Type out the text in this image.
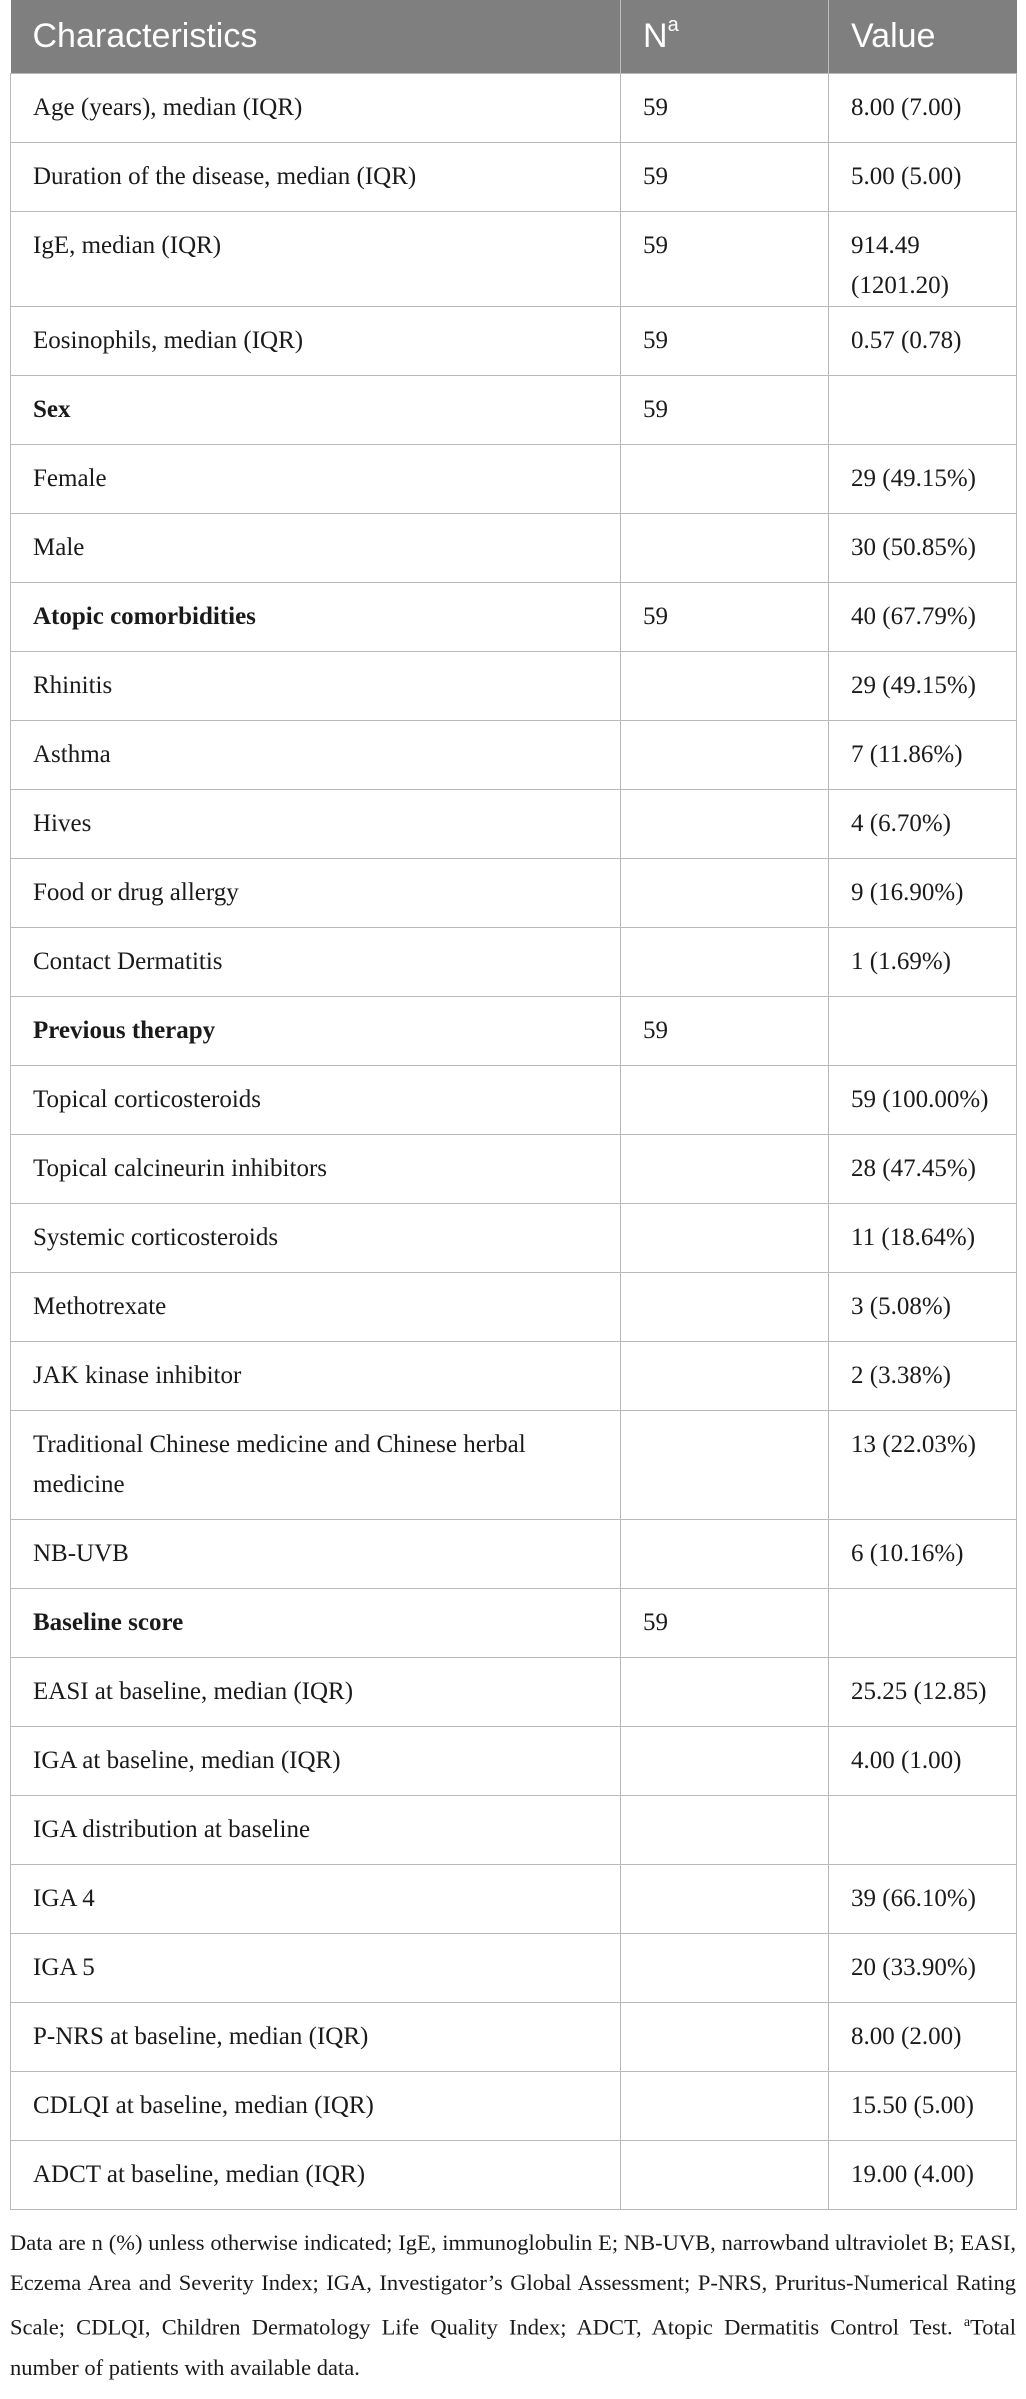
Characteristics	$N^a$	Value

Age (years), median (IQR)	59	8.00 (7.00)

Duration of the disease, median (IQR)	59	5.00 (5.00)

IgE, median (IQR)	59	914.49 (1201.20)

Eosinophils, median (IQR)	59	0.57 (0.78)

Sex	59	

Female		29 (49.15%)

Male		30 (50.85%)

Atopic comorbidities	59	40 (67.79%)

Rhinitis		29 (49.15%)

Asthma		7 (11.86%)

Hives		4 (6.70%)

Food or drug allergy		9 (16.90%)

Contact Dermatitis		1 (1.69%)

Previous therapy	59	

Topical corticosteroids		59 (100.00%)

Topical calcineurin inhibitors		28 (47.45%)

Systemic corticosteroids		11 (18.64%)

Methotrexate		3 (5.08%)

JAK kinase inhibitor		2 (3.38%)

Traditional Chinese medicine and Chinese herbal medicine		13 (22.03%)

NB-UVB		6 (10.16%)

Baseline score	59	

EASI at baseline, median (IQR)		25.25 (12.85)

IGA at baseline, median (IQR)		4.00 (1.00)

IGA distribution at baseline		

IGA 4		39 (66.10%)

IGA 5		20 (33.90%)

P-NRS at baseline, median (IQR)		8.00 (2.00)

CDLQI at baseline, median (IQR)		15.50 (5.00)

ADCT at baseline, median (IQR)		19.00 (4.00)
Data are n (%) unless otherwise indicated; IgE, immunoglobulin E; NB-UVB, narrowband ultraviolet B; EASI, Eczema Area and Severity Index; IGA, Investigator’s Global Assessment; P-NRS, Pruritus-Numerical Rating Scale; CDLQI, Children Dermatology Life Quality Index; ADCT, Atopic Dermatitis Control Test. $^a$Total number of patients with available data.
